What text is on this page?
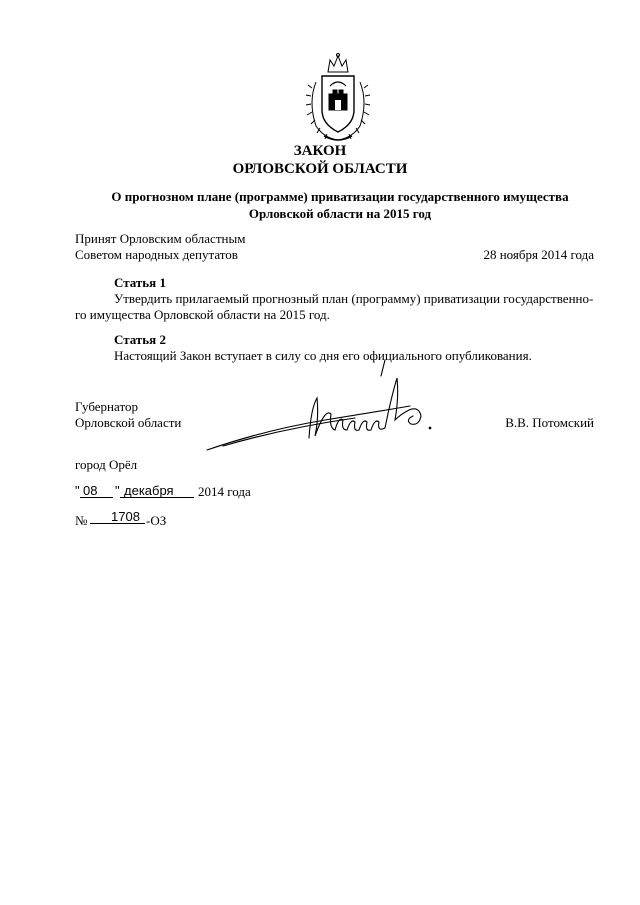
ЗАКОН
ОРЛОВСКОЙ ОБЛАСТИ
О прогнозном плане (программе) приватизации государственного имущества
Орловской области на 2015 год
Принят Орловским областным
Советом народных депутатов	28 ноября 2014 года
Статья 1
Утвердить прилагаемый прогнозный план (программу) приватизации государственно-
го имущества Орловской области на 2015 год.
Статья 2
Настоящий Закон вступает в силу со дня его официального опубликования.
Губернатор
Орловской области	В.В. Потомский
город Орёл
" 08 " декабря 2014 года
№ 1708 -ОЗ
